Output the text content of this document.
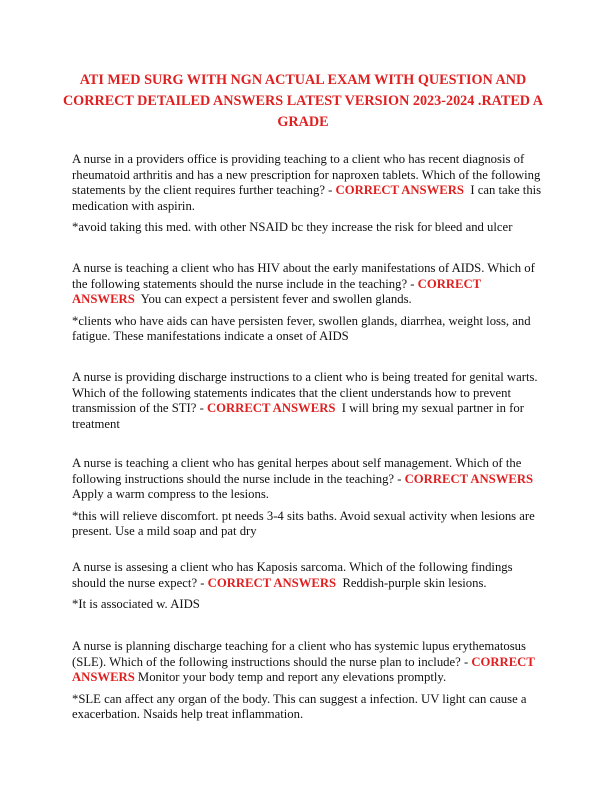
ATI MED SURG WITH NGN ACTUAL EXAM WITH QUESTION AND CORRECT DETAILED ANSWERS LATEST VERSION 2023-2024 .RATED A GRADE

A nurse in a providers office is providing teaching to a client who has recent diagnosis of rheumatoid arthritis and has a new prescription for naproxen tablets. Which of the following statements by the client requires further teaching? - CORRECT ANSWERS I can take this medication with aspirin.

*avoid taking this med. with other NSAID bc they increase the risk for bleed and ulcer

A nurse is teaching a client who has HIV about the early manifestations of AIDS. Which of the following statements should the nurse include in the teaching? - CORRECT ANSWERS You can expect a persistent fever and swollen glands.

*clients who have aids can have persisten fever, swollen glands, diarrhea, weight loss, and fatigue. These manifestations indicate a onset of AIDS

A nurse is providing discharge instructions to a client who is being treated for genital warts. Which of the following statements indicates that the client understands how to prevent transmission of the STI? - CORRECT ANSWERS I will bring my sexual partner in for treatment

A nurse is teaching a client who has genital herpes about self management. Which of the following instructions should the nurse include in the teaching? - CORRECT ANSWERS Apply a warm compress to the lesions.

*this will relieve discomfort. pt needs 3-4 sits baths. Avoid sexual activity when lesions are present. Use a mild soap and pat dry

A nurse is assesing a client who has Kaposis sarcoma. Which of the following findings should the nurse expect? - CORRECT ANSWERS Reddish-purple skin lesions.

*It is associated w. AIDS

A nurse is planning discharge teaching for a client who has systemic lupus erythematosus (SLE). Which of the following instructions should the nurse plan to include? - CORRECT ANSWERS Monitor your body temp and report any elevations promptly.

*SLE can affect any organ of the body. This can suggest a infection. UV light can cause a exacerbation. Nsaids help treat inflammation.
